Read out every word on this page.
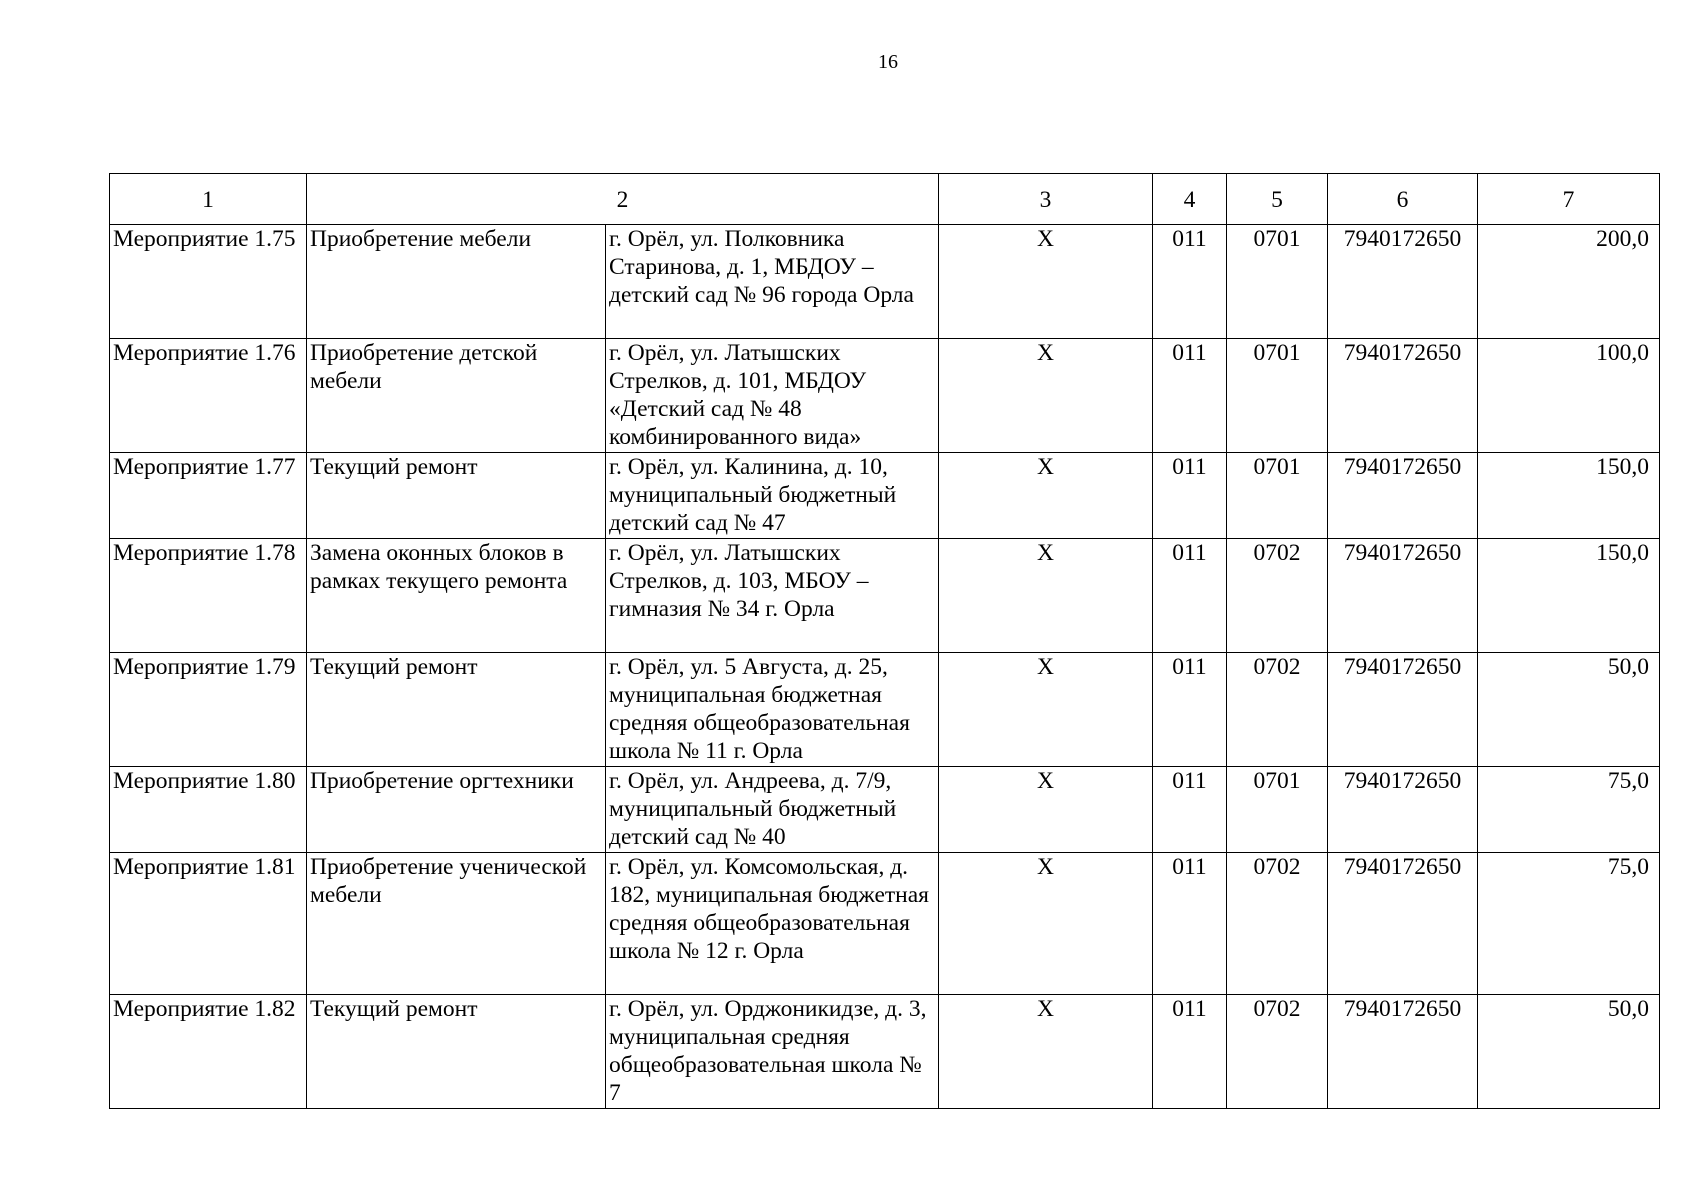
16
1	2		3	4	5	6	7
Мероприятие 1.75	Приобретение мебели	г. Орёл, ул. Полковника Старинова, д. 1, МБДОУ – детский сад № 96 города Орла	Х	011	0701	7940172650	200,0
Мероприятие 1.76	Приобретение детской мебели	г. Орёл, ул. Латышских Стрелков, д. 101, МБДОУ «Детский сад № 48 комбинированного вида»	Х	011	0701	7940172650	100,0
Мероприятие 1.77	Текущий ремонт	г. Орёл, ул. Калинина, д. 10, муниципальный бюджетный детский сад № 47	Х	011	0701	7940172650	150,0
Мероприятие 1.78	Замена оконных блоков в рамках текущего ремонта	г. Орёл, ул. Латышских Стрелков, д. 103, МБОУ – гимназия № 34 г. Орла	Х	011	0702	7940172650	150,0
Мероприятие 1.79	Текущий ремонт	г. Орёл, ул. 5 Августа, д. 25, муниципальная бюджетная средняя общеобразовательная школа № 11 г. Орла	Х	011	0702	7940172650	50,0
Мероприятие 1.80	Приобретение оргтехники	г. Орёл, ул. Андреева, д. 7/9, муниципальный бюджетный детский сад № 40	Х	011	0701	7940172650	75,0
Мероприятие 1.81	Приобретение ученической мебели	г. Орёл, ул. Комсомольская, д. 182, муниципальная бюджетная средняя общеобразовательная школа № 12 г. Орла	Х	011	0702	7940172650	75,0
Мероприятие 1.82	Текущий ремонт	г. Орёл, ул. Орджоникидзе, д. 3, муниципальная средняя общеобразовательная школа № 7	Х	011	0702	7940172650	50,0
